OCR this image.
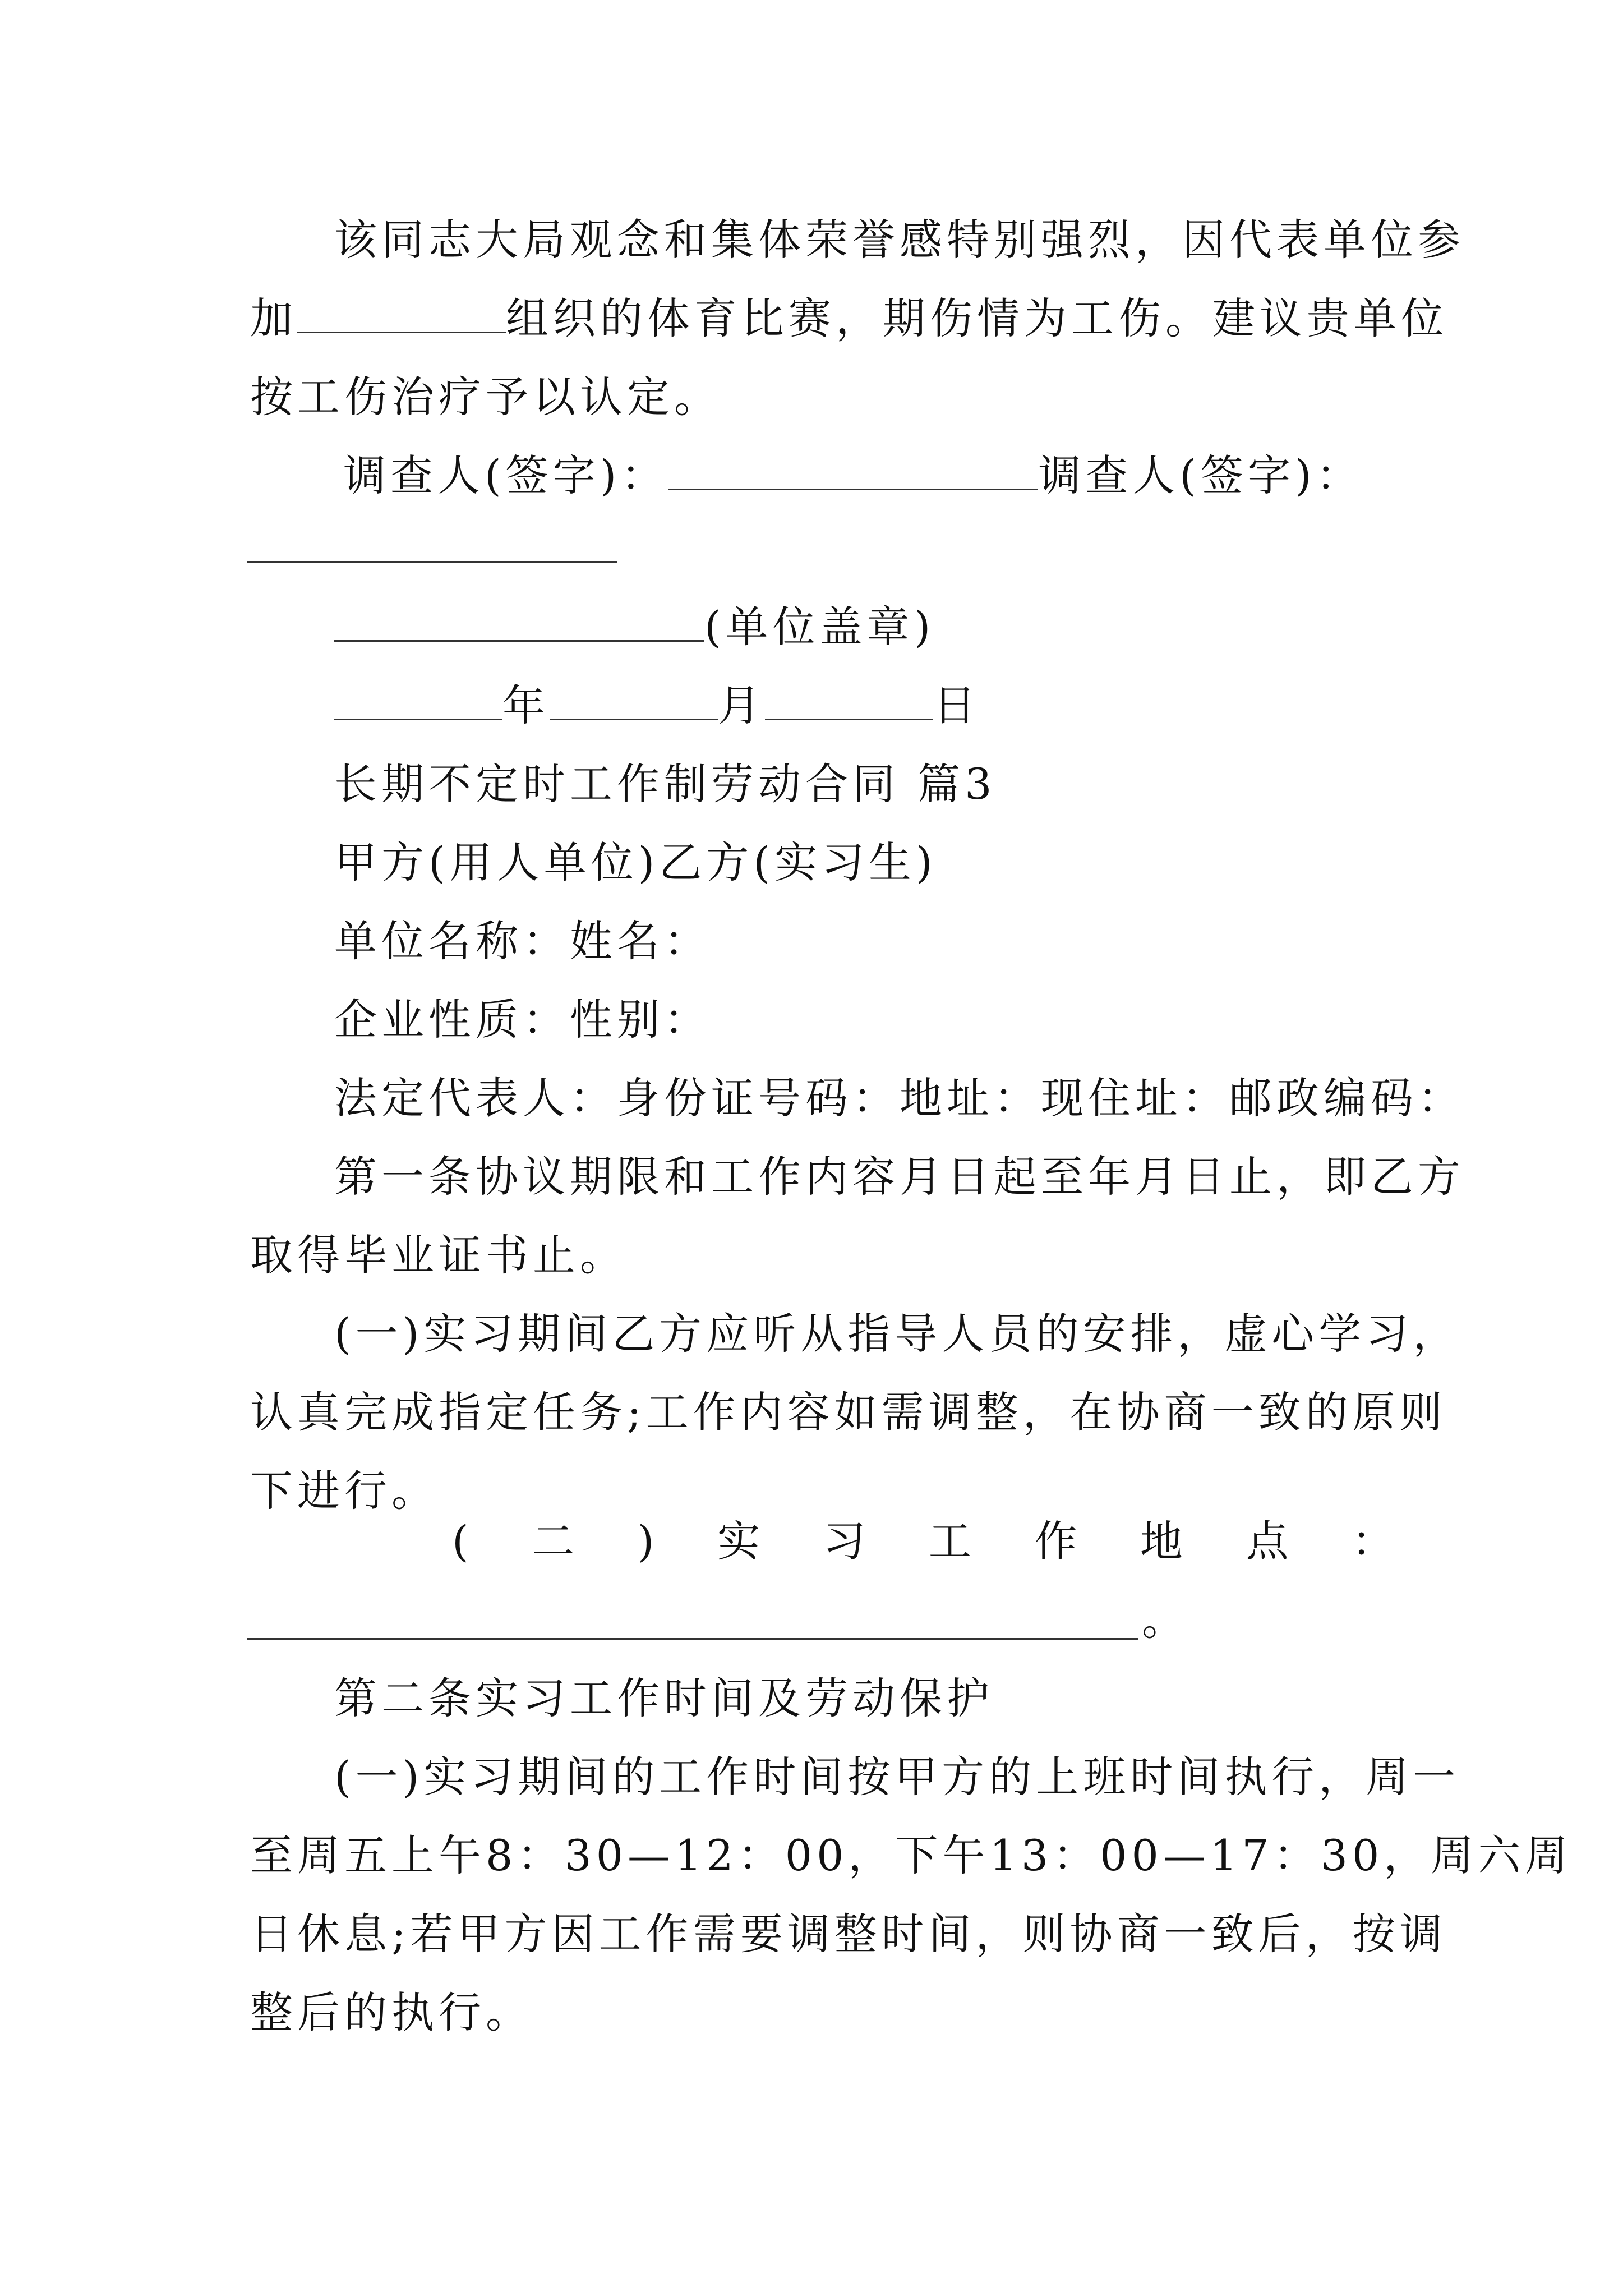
该同志大局观念和集体荣誉感特别强烈，因代表单位参
加	组织的体育比赛，期伤情为工伤。建议贵单位
按工伤治疗予以认定。
调查人(签字)：	调查人(签字)：
(单位盖章)
年	月	日
长期不定时工作制劳动合同 篇3
甲方(用人单位)乙方(实习生)
单位名称：姓名：
企业性质：性别：
法定代表人：身份证号码：地址：现住址：邮政编码：
第一条协议期限和工作内容月日起至年月日止，即乙方
取得毕业证书止。
(一)实习期间乙方应听从指导人员的安排，虚心学习，
认真完成指定任务;工作内容如需调整，在协商一致的原则
下进行。
( 二 ) 实 习 工 作 地 点 ：
。
第二条实习工作时间及劳动保护
(一)实习期间的工作时间按甲方的上班时间执行，周一
至周五上午8：30—12：00，下午13：00—17：30，周六周
日休息;若甲方因工作需要调整时间，则协商一致后，按调
整后的执行。
